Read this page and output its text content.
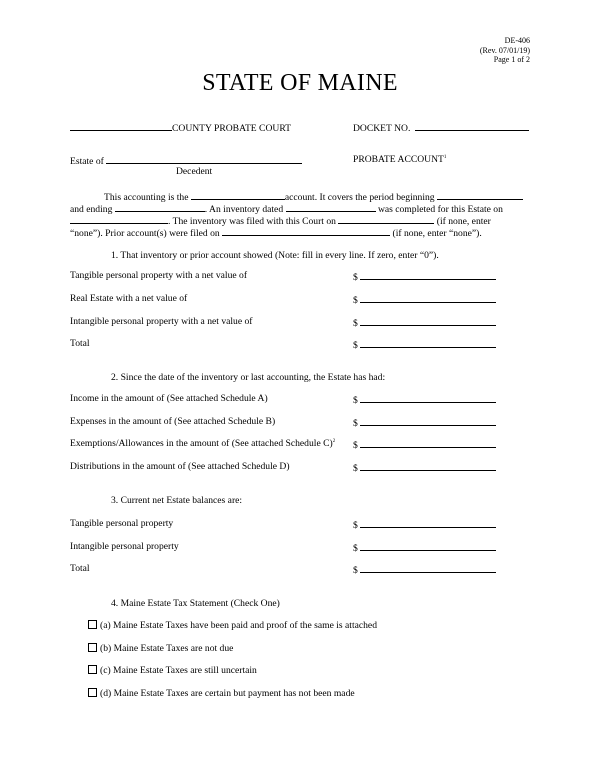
DE-406
(Rev. 07/01/19)
Page 1 of 2
STATE OF MAINE
COUNTY PROBATE COURT	DOCKET NO.
Estate of
Decedent
PROBATE ACCOUNT$^1$
This accounting is the	account. It covers the period beginning
and ending	. An inventory dated	was completed for this Estate on
. The inventory was filed with this Court on	(if none, enter
“none”). Prior account(s) were filed on	(if none, enter “none”).
1. That inventory or prior account showed (Note: fill in every line. If zero, enter “0”).
Tangible personal property with a net value of	$
Real Estate with a net value of	$
Intangible personal property with a net value of	$
Total	$
2. Since the date of the inventory or last accounting, the Estate has had:
Income in the amount of (See attached Schedule A)	$
Expenses in the amount of (See attached Schedule B)	$
Exemptions/Allowances in the amount of (See attached Schedule C)$^2$ $
Distributions in the amount of (See attached Schedule D)	$
3. Current net Estate balances are:
Tangible personal property	$
Intangible personal property	$
Total	$
4. Maine Estate Tax Statement (Check One)
(a) Maine Estate Taxes have been paid and proof of the same is attached
(b) Maine Estate Taxes are not due
(c) Maine Estate Taxes are still uncertain
(d) Maine Estate Taxes are certain but payment has not been made
